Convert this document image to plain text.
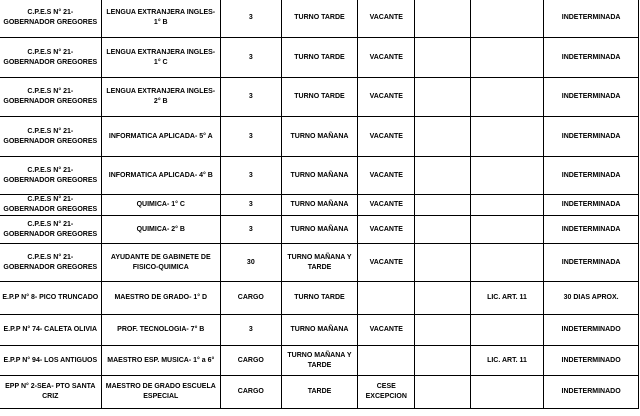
C.P.E.S N° 21- GOBERNADOR GREGORES	LENGUA EXTRANJERA INGLES-1° B	3	TURNO TARDE	VACANTE			INDETERMINADA
C.P.E.S N° 21- GOBERNADOR GREGORES	LENGUA EXTRANJERA INGLES-1° C	3	TURNO TARDE	VACANTE			INDETERMINADA
C.P.E.S N° 21- GOBERNADOR GREGORES	LENGUA EXTRANJERA INGLES-2° B	3	TURNO TARDE	VACANTE			INDETERMINADA
C.P.E.S N° 21- GOBERNADOR GREGORES	INFORMATICA APLICADA- 5° A	3	TURNO MAÑANA	VACANTE			INDETERMINADA
C.P.E.S N° 21- GOBERNADOR GREGORES	INFORMATICA APLICADA- 4° B	3	TURNO MAÑANA	VACANTE			INDETERMINADA
C.P.E.S N° 21- GOBERNADOR GREGORES	QUIMICA- 1° C	3	TURNO MAÑANA	VACANTE			INDETERMINADA
C.P.E.S N° 21- GOBERNADOR GREGORES	QUIMICA- 2° B	3	TURNO MAÑANA	VACANTE			INDETERMINADA
C.P.E.S N° 21- GOBERNADOR GREGORES	AYUDANTE DE GABINETE DE FISICO-QUIMICA	30	TURNO MAÑANA Y TARDE	VACANTE			INDETERMINADA
E.P.P N° 8- PICO TRUNCADO	MAESTRO DE GRADO- 1° D	CARGO	TURNO TARDE			LIC. ART. 11	30 DIAS APROX.
E.P.P N° 74- CALETA OLIVIA	PROF. TECNOLOGIA- 7° B	3	TURNO MAÑANA	VACANTE			INDETERMINADO
E.P.P N° 94- LOS ANTIGUOS	MAESTRO ESP. MUSICA- 1° a 6°	CARGO	TURNO MAÑANA Y TARDE			LIC. ART. 11	INDETERMINADO
EPP N° 2-SEA- PTO SANTA CRIZ	MAESTRO DE GRADO ESCUELA ESPECIAL	CARGO	TARDE	CESE EXCEPCION			INDETERMINADO
